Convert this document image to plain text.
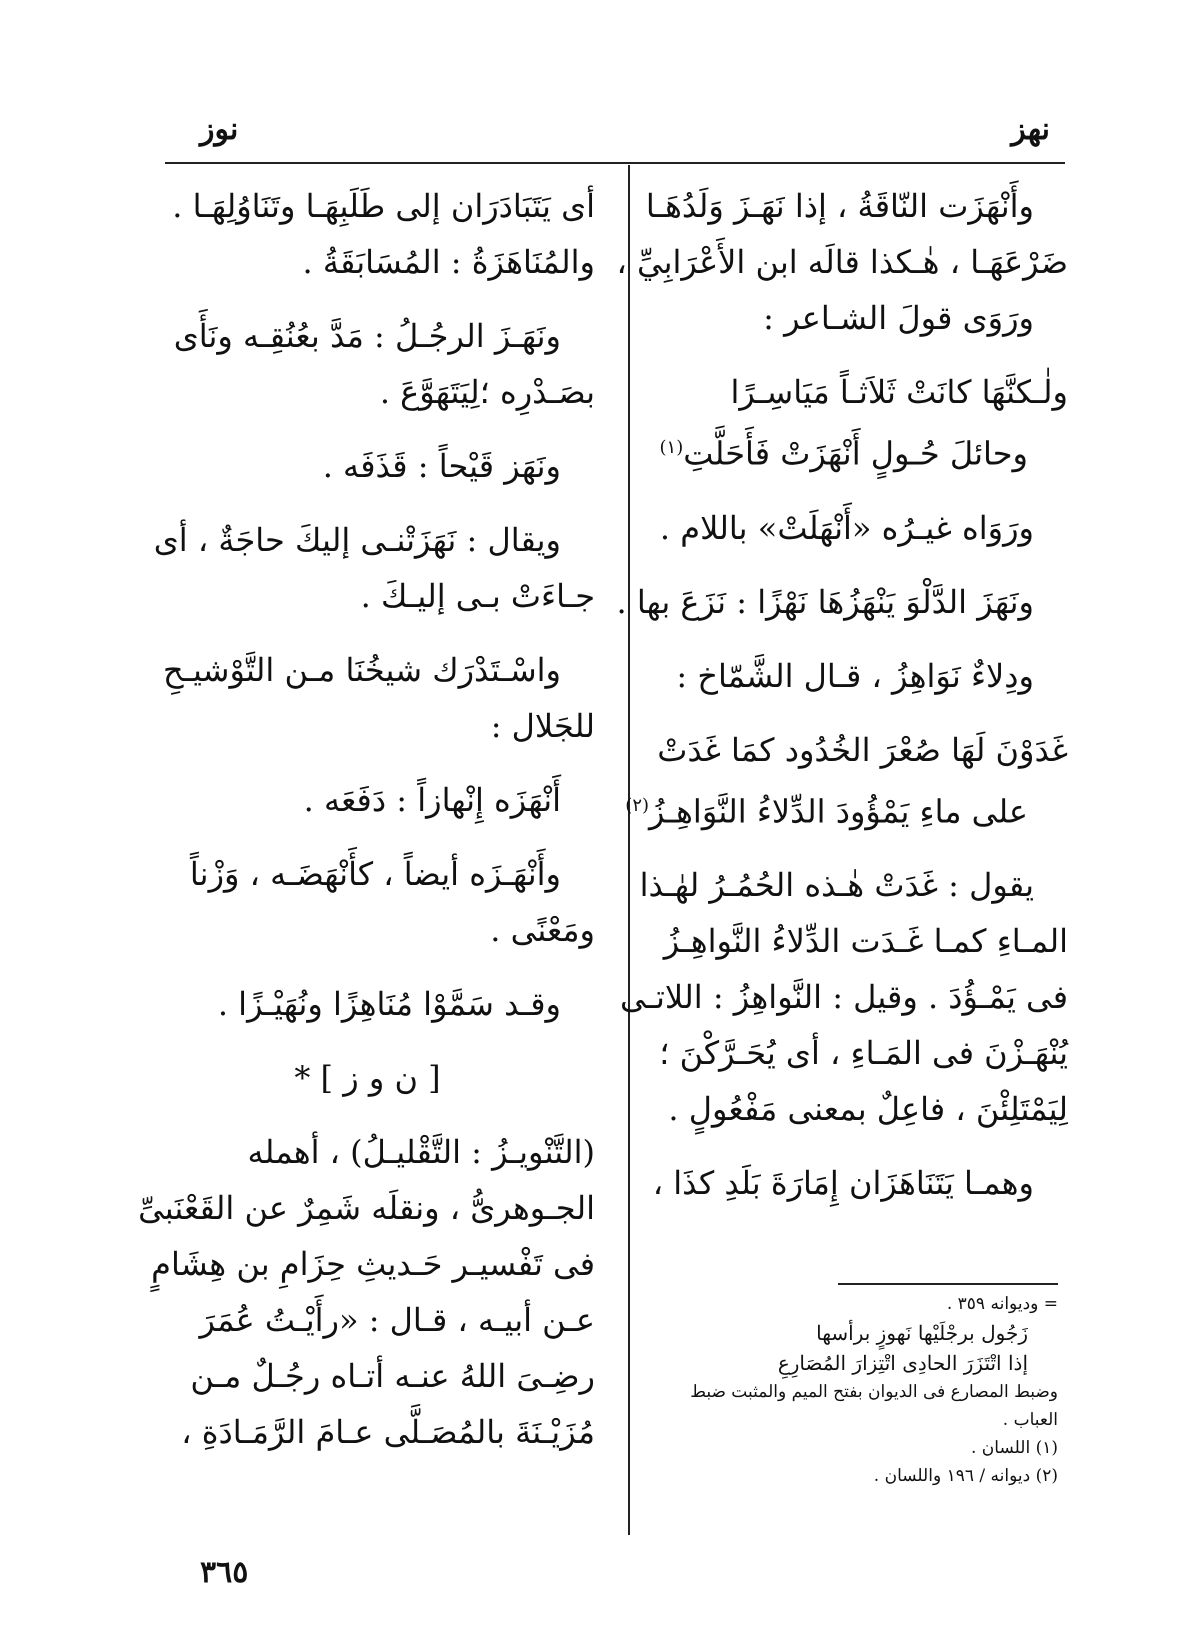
نهز
نوز
وأَنْهَزَت النّاقَةُ ، إذا نَهَـزَ وَلَدُهَـا
ضَرْعَهَـا ، هٰـكذا قالَه ابن الأَعْرَابِيِّ ،
ورَوَى قولَ الشـاعر :
ولٰـكنَّهَا كانَتْ ثَلاَثـاً مَيَاسِـرًا
وحائلَ حُـولٍ أَنْهَزَتْ فَأَحَلَّتِ$^{(١)}$
ورَوَاه غيـرُه «أَنْهَلَتْ» باللام .
ونَهَزَ الدَّلْوَ يَنْهَزُهَا نَهْزًا : نَزَعَ بها .
ودِلاءٌ نَوَاهِزُ ، قـال الشَّمّاخ :
غَدَوْنَ لَهَا صُعْرَ الخُدُود كمَا غَدَتْ
على ماءِ يَمْؤُودَ الدِّلاءُ النَّوَاهِـزُ$^{(٢)}$
يقول : غَدَتْ هٰـذه الحُمُـرُ لهٰـذا
المـاءِ كمـا غَـدَت الدِّلاءُ النَّواهِـزُ
فى يَمْـؤُدَ . وقيل : النَّواهِزُ : اللاتـى
يُنْهَـزْنَ فى المَـاءِ ، أى يُحَـرَّكْنَ ؛
لِيَمْتَلِئْنَ ، فاعِلٌ بمعنى مَفْعُولٍ .
وهمـا يَتَنَاهَزَان إِمَارَةَ بَلَدِ كذَا ،
أى يَتَبَادَرَان إلى طَلَبِهَـا وتَنَاوُلِهَـا .
والمُنَاهَزَةُ : المُسَابَقَةُ .
ونَهَـزَ الرجُـلُ : مَدَّ بعُنُقِـه ونَأَى
بصَـدْرِه ؛لِيَتَهَوَّعَ .
ونَهَز قَيْحاً : قَذَفَه .
ويقال : نَهَزَتْنـى إليكَ حاجَةٌ ، أى
جـاءَتْ بـى إليـكَ .
واسْـتَدْرَك شيخُنَا مـن التَّوْشيـحِ
للجَلال :
أَنْهَزَه إِنْهازاً : دَفَعَه .
وأَنْهَـزَه أيضاً ، كأَنْهَضَـه ، وَزْناً
ومَعْنًى .
وقـد سَمَّوْا مُنَاهِزًا ونُهَيْـزًا .
[ ن و ز ] *
(التَّنْويـزُ : التَّقْليـلُ) ، أهمله
الجـوهرىُّ ، ونقلَه شَمِرٌ عن القَعْنَبىِّ
فى تَفْسيـر حَـديثِ حِزَامِ بن هِشَامٍ
عـن أبيـه ، قـال : «رأَيْـتُ عُمَرَ
رضِـىَ اللهُ عنـه أتـاه رجُـلٌ مـن
مُزَيْـنَةَ بالمُصَـلَّى عـامَ الرَّمَـادَةِ ،
= وديوانه ٣٥٩ .
زَجُول برجْلَيْها نَهوزٍ برأسها
إذا اتْتَزَرَ الحادِى اتْتِزارَ المُصَارِعِ
وضبط المصارع فى الديوان بفتح الميم والمثبت ضبط
العباب .
(١) اللسان .
(٢) ديوانه / ١٩٦ واللسان .
٣٦٥
